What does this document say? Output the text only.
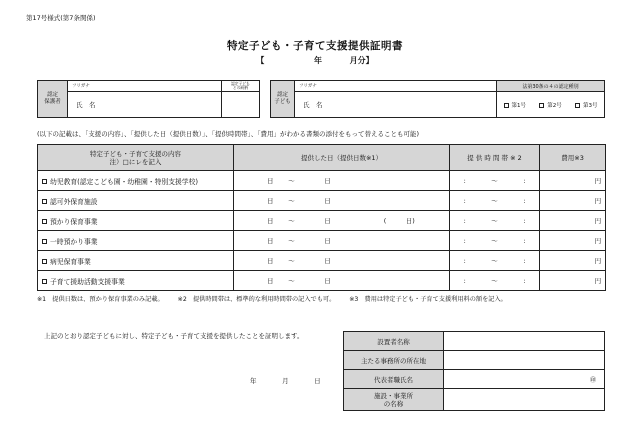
第17号様式(第7条関係)
特定子ども・子育て支援提供証明書
【	年	月分】
認定
保護者	フリガナ		認定子ども
との続柄
	氏　名		
認定
子ども	フリガナ		法第30条の４の認定種別		
	氏　名		第1号	第2号	第3号
(以下の記載は、「支援の内容」、「提供した日（提供日数）」、「提供時間帯」、「費用」がわかる書類の添付をもって替えることも可能)
特定子ども・子育て支援の内容
注）□にレを記入	提供した日（提供日数※1）				提 供 時 間 帯 ※ 2			費用※3
幼児教育(認定こども園・幼稚園・特別支援学校)	日	〜	日		:	〜	:	円
認可外保育施設	日	〜	日		:	〜	:	円
預かり保育事業	日	〜	日	(　　　日)	:	〜	:	円
一時預かり事業	日	〜	日		:	〜	:	円
病児保育事業	日	〜	日		:	〜	:	円
子育て援助活動支援事業	日	〜	日		:	〜	:	円
※1　提供日数は、預かり保育事業のみ記載。 ※2　提供時間帯は、標準的な利用時間帯の記入でも可。 ※3　費用は特定子ども・子育て支援利用料の額を記入。
上記のとおり認定子どもに対し、特定子ども・子育て支援を提供したことを証明します。
年	月	日
設置者名称	
主たる事務所の所在地	
代表者職氏名	㊞
施設・事業所
の名称	
